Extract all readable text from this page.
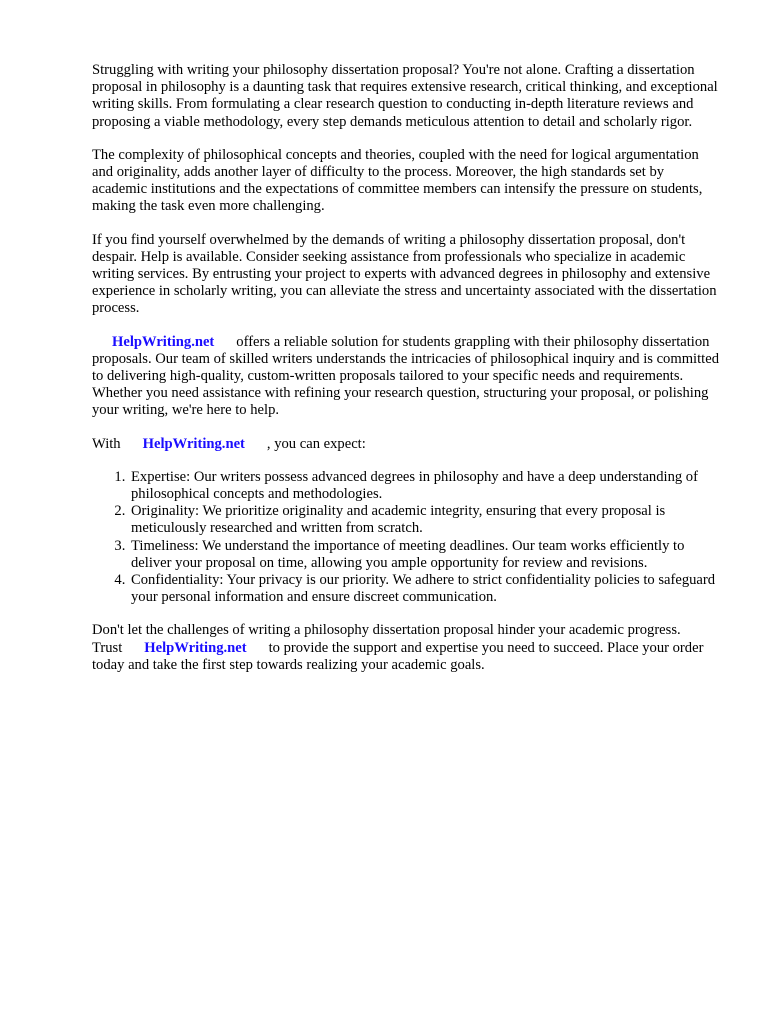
Struggling with writing your philosophy dissertation proposal? You're not alone. Crafting a dissertation proposal in philosophy is a daunting task that requires extensive research, critical thinking, and exceptional writing skills. From formulating a clear research question to conducting in-depth literature reviews and proposing a viable methodology, every step demands meticulous attention to detail and scholarly rigor.

The complexity of philosophical concepts and theories, coupled with the need for logical argumentation and originality, adds another layer of difficulty to the process. Moreover, the high standards set by academic institutions and the expectations of committee members can intensify the pressure on students, making the task even more challenging.

If you find yourself overwhelmed by the demands of writing a philosophy dissertation proposal, don't despair. Help is available. Consider seeking assistance from professionals who specialize in academic writing services. By entrusting your project to experts with advanced degrees in philosophy and extensive experience in scholarly writing, you can alleviate the stress and uncertainty associated with the dissertation process.

HelpWriting.net offers a reliable solution for students grappling with their philosophy dissertation proposals. Our team of skilled writers understands the intricacies of philosophical inquiry and is committed to delivering high-quality, custom-written proposals tailored to your specific needs and requirements. Whether you need assistance with refining your research question, structuring your proposal, or polishing your writing, we're here to help.

With HelpWriting.net , you can expect:

1. Expertise: Our writers possess advanced degrees in philosophy and have a deep understanding of philosophical concepts and methodologies.
2. Originality: We prioritize originality and academic integrity, ensuring that every proposal is meticulously researched and written from scratch.
3. Timeliness: We understand the importance of meeting deadlines. Our team works efficiently to deliver your proposal on time, allowing you ample opportunity for review and revisions.
4. Confidentiality: Your privacy is our priority. We adhere to strict confidentiality policies to safeguard your personal information and ensure discreet communication.

Don't let the challenges of writing a philosophy dissertation proposal hinder your academic progress. Trust HelpWriting.net to provide the support and expertise you need to succeed. Place your order today and take the first step towards realizing your academic goals.
